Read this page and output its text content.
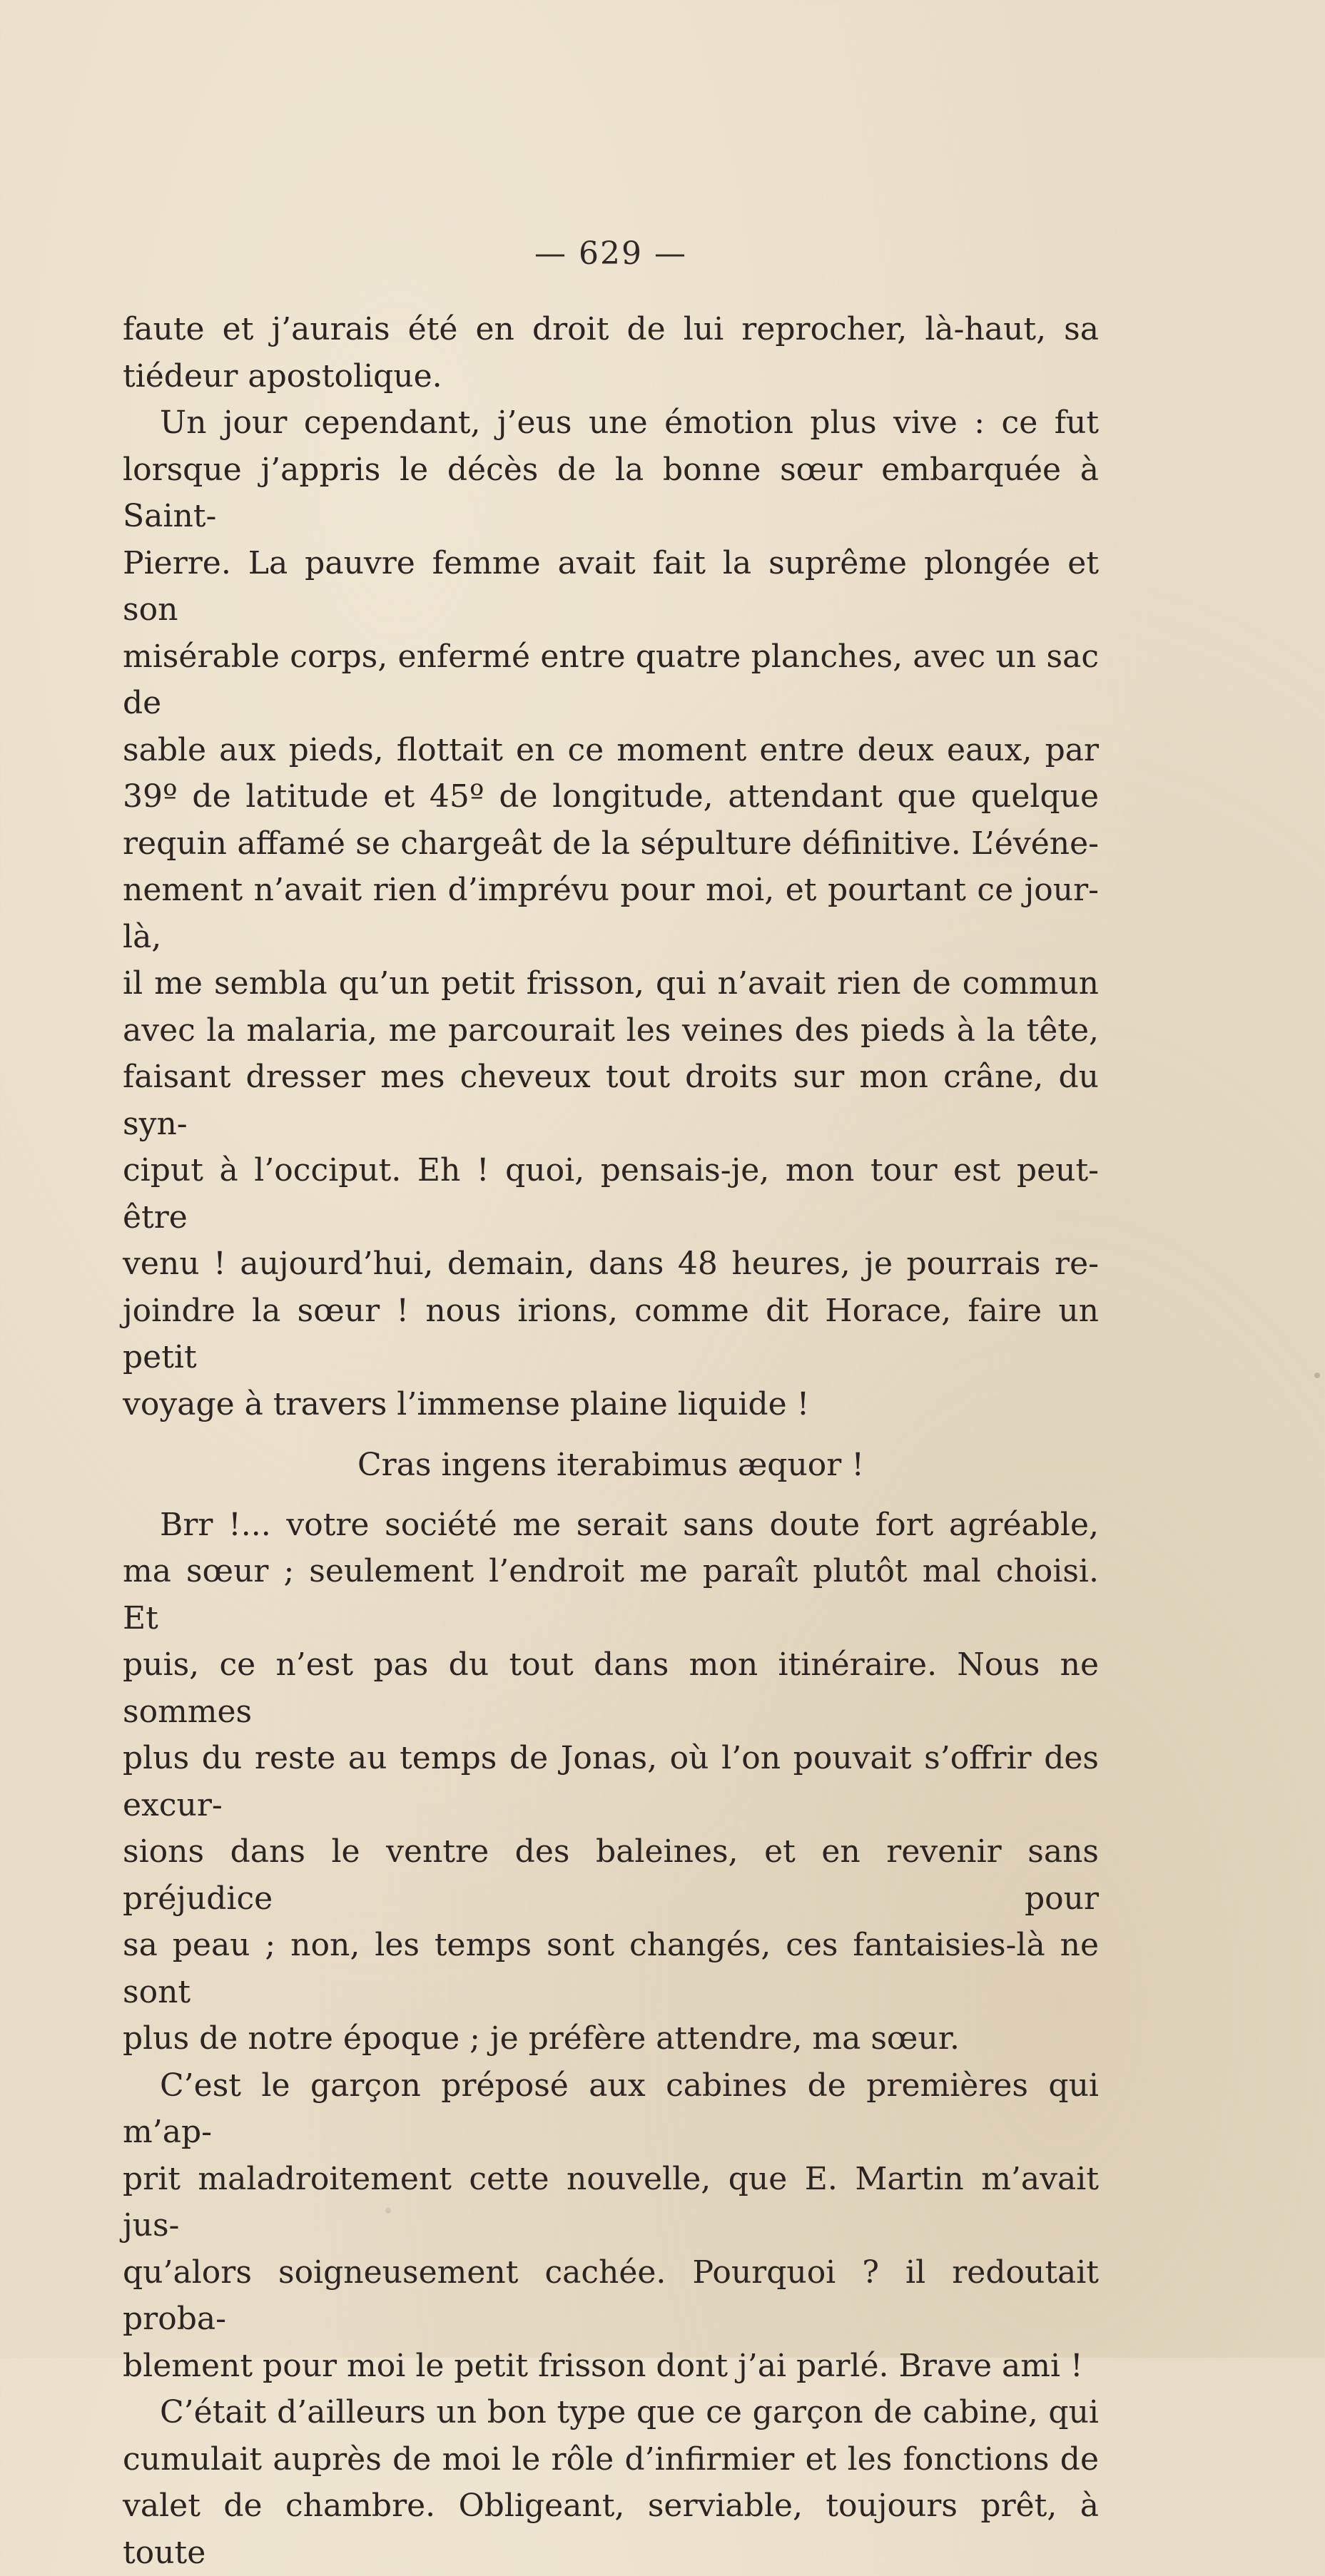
— 629 —

faute et j’aurais été en droit de lui reprocher, là-haut, sa
tiédeur apostolique.

Un jour cependant, j’eus une émotion plus vive : ce fut
lorsque j’appris le décès de la bonne sœur embarquée à Saint-
Pierre. La pauvre femme avait fait la suprême plongée et son
misérable corps, enfermé entre quatre planches, avec un sac de
sable aux pieds, flottait en ce moment entre deux eaux, par
39º de latitude et 45º de longitude, attendant que quelque
requin affamé se chargeât de la sépulture définitive. L’événe-
nement n’avait rien d’imprévu pour moi, et pourtant ce jour-là,
il me sembla qu’un petit frisson, qui n’avait rien de commun
avec la malaria, me parcourait les veines des pieds à la tête,
faisant dresser mes cheveux tout droits sur mon crâne, du syn-
ciput à l’occiput. Eh ! quoi, pensais-je, mon tour est peut-être
venu ! aujourd’hui, demain, dans 48 heures, je pourrais re-
joindre la sœur ! nous irions, comme dit Horace, faire un petit
voyage à travers l’immense plaine liquide !

Cras ingens iterabimus æquor !

Brr !... votre société me serait sans doute fort agréable,
ma sœur ; seulement l’endroit me paraît plutôt mal choisi. Et
puis, ce n’est pas du tout dans mon itinéraire. Nous ne sommes
plus du reste au temps de Jonas, où l’on pouvait s’offrir des excur-
sions dans le ventre des baleines, et en revenir sans préjudice pour
sa peau ; non, les temps sont changés, ces fantaisies-là ne sont
plus de notre époque ; je préfère attendre, ma sœur.

C’est le garçon préposé aux cabines de premières qui m’ap-
prit maladroitement cette nouvelle, que E. Martin m’avait jus-
qu’alors soigneusement cachée. Pourquoi ? il redoutait proba-
blement pour moi le petit frisson dont j’ai parlé. Brave ami !

C’était d’ailleurs un bon type que ce garçon de cabine, qui
cumulait auprès de moi le rôle d’infirmier et les fonctions de
valet de chambre. Obligeant, serviable, toujours prêt, à toute
